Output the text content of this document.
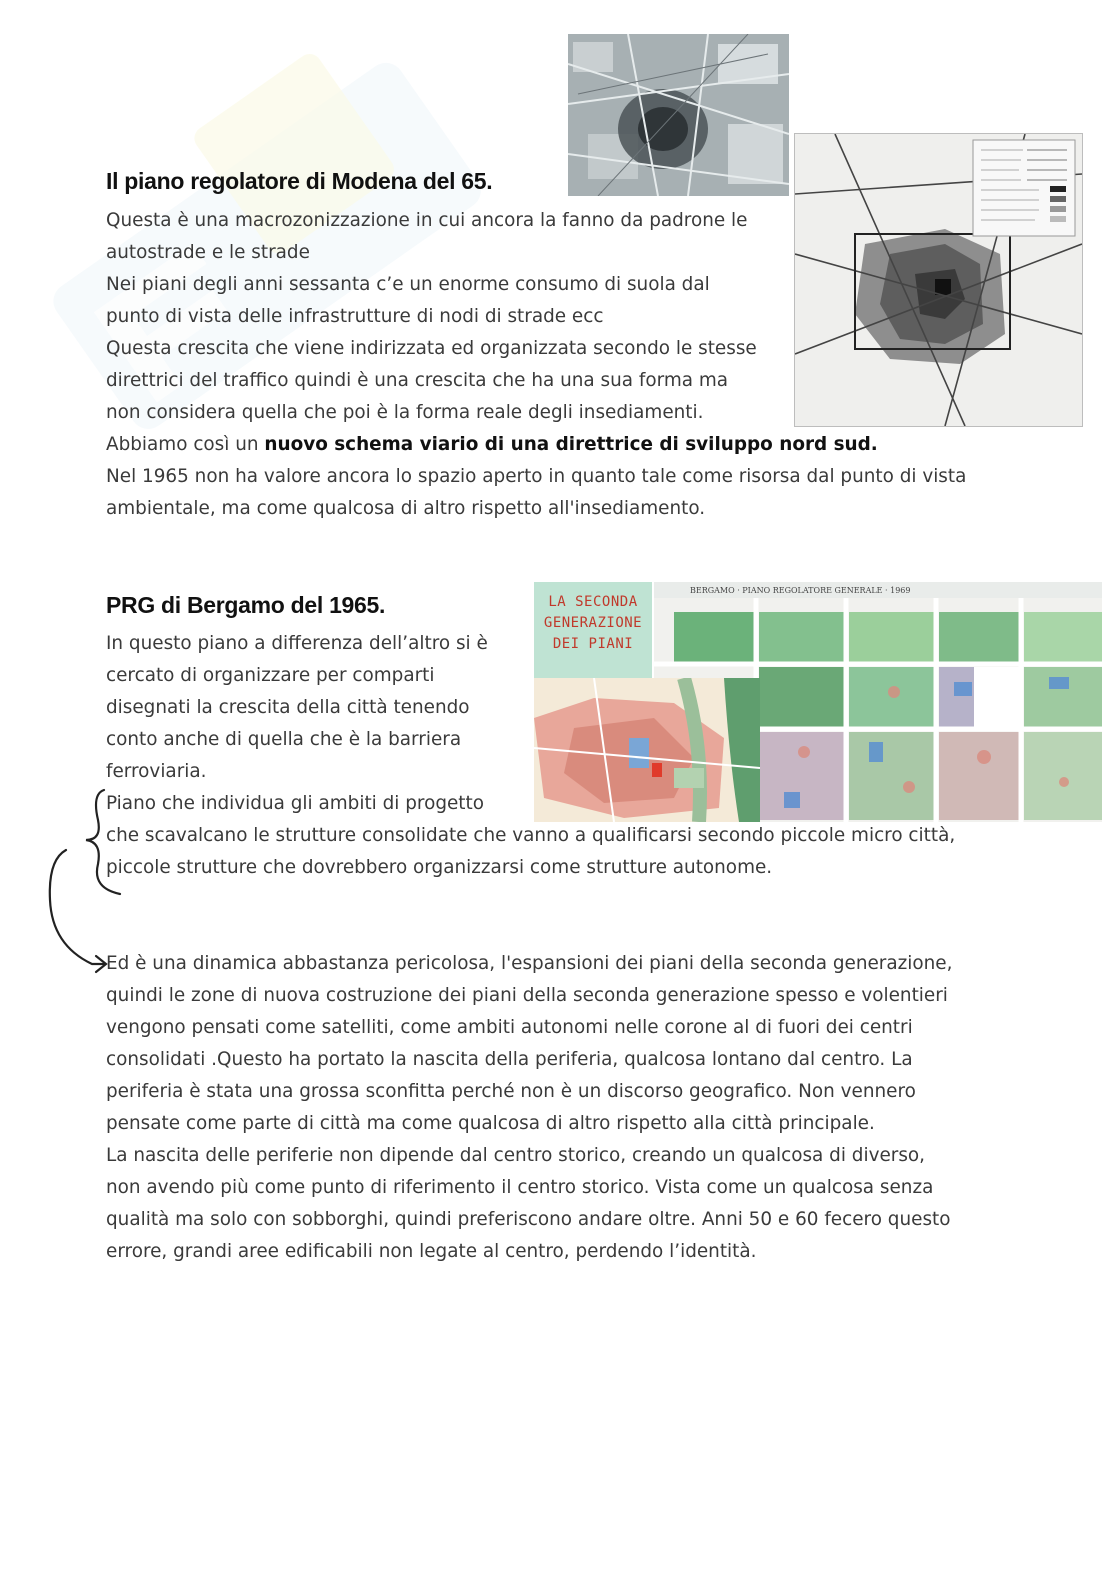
Il piano regolatore di Modena del 65.
Questa è una macrozonizzazione in cui ancora la fanno da padrone le
autostrade e le strade
Nei piani degli anni sessanta c’e un enorme consumo di suola dal
punto di vista delle infrastrutture di nodi di strade ecc
Questa crescita che viene indirizzata ed organizzata secondo le stesse
direttrici del traffico quindi è una crescita che ha una sua forma ma
non considera quella che poi è la forma reale degli insediamenti.
Abbiamo così un nuovo schema viario di una direttrice di sviluppo nord sud.
Nel 1965 non ha valore ancora lo spazio aperto in quanto tale come risorsa dal punto di vista
ambientale, ma come qualcosa di altro rispetto all'insediamento.
LA SECONDA
GENERAZIONE
DEI PIANI
BERGAMO · PIANO REGOLATORE GENERALE · 1969
PRG di Bergamo del 1965.
In questo piano a differenza dell’altro si è
cercato di organizzare per comparti
disegnati la crescita della città tenendo
conto anche di quella che è la barriera
ferroviaria.
Piano che individua gli ambiti di progetto
che scavalcano le strutture consolidate che vanno a qualificarsi secondo piccole micro città,
piccole strutture che dovrebbero organizzarsi come strutture autonome.
Ed è una dinamica abbastanza pericolosa, l'espansioni dei piani della seconda generazione,
quindi le zone di nuova costruzione dei piani della seconda generazione spesso e volentieri
vengono pensati come satelliti, come ambiti autonomi nelle corone al di fuori dei centri
consolidati .Questo ha portato la nascita della periferia, qualcosa lontano dal centro. La
periferia è stata una grossa sconfitta perché non è un discorso geografico. Non vennero
pensate come parte di città ma come qualcosa di altro rispetto alla città principale.
La nascita delle periferie non dipende dal centro storico, creando un qualcosa di diverso,
non avendo più come punto di riferimento il centro storico. Vista come un qualcosa senza
qualità ma solo con sobborghi, quindi preferiscono andare oltre. Anni 50 e 60 fecero questo
errore, grandi aree edificabili non legate al centro, perdendo l’identità.
